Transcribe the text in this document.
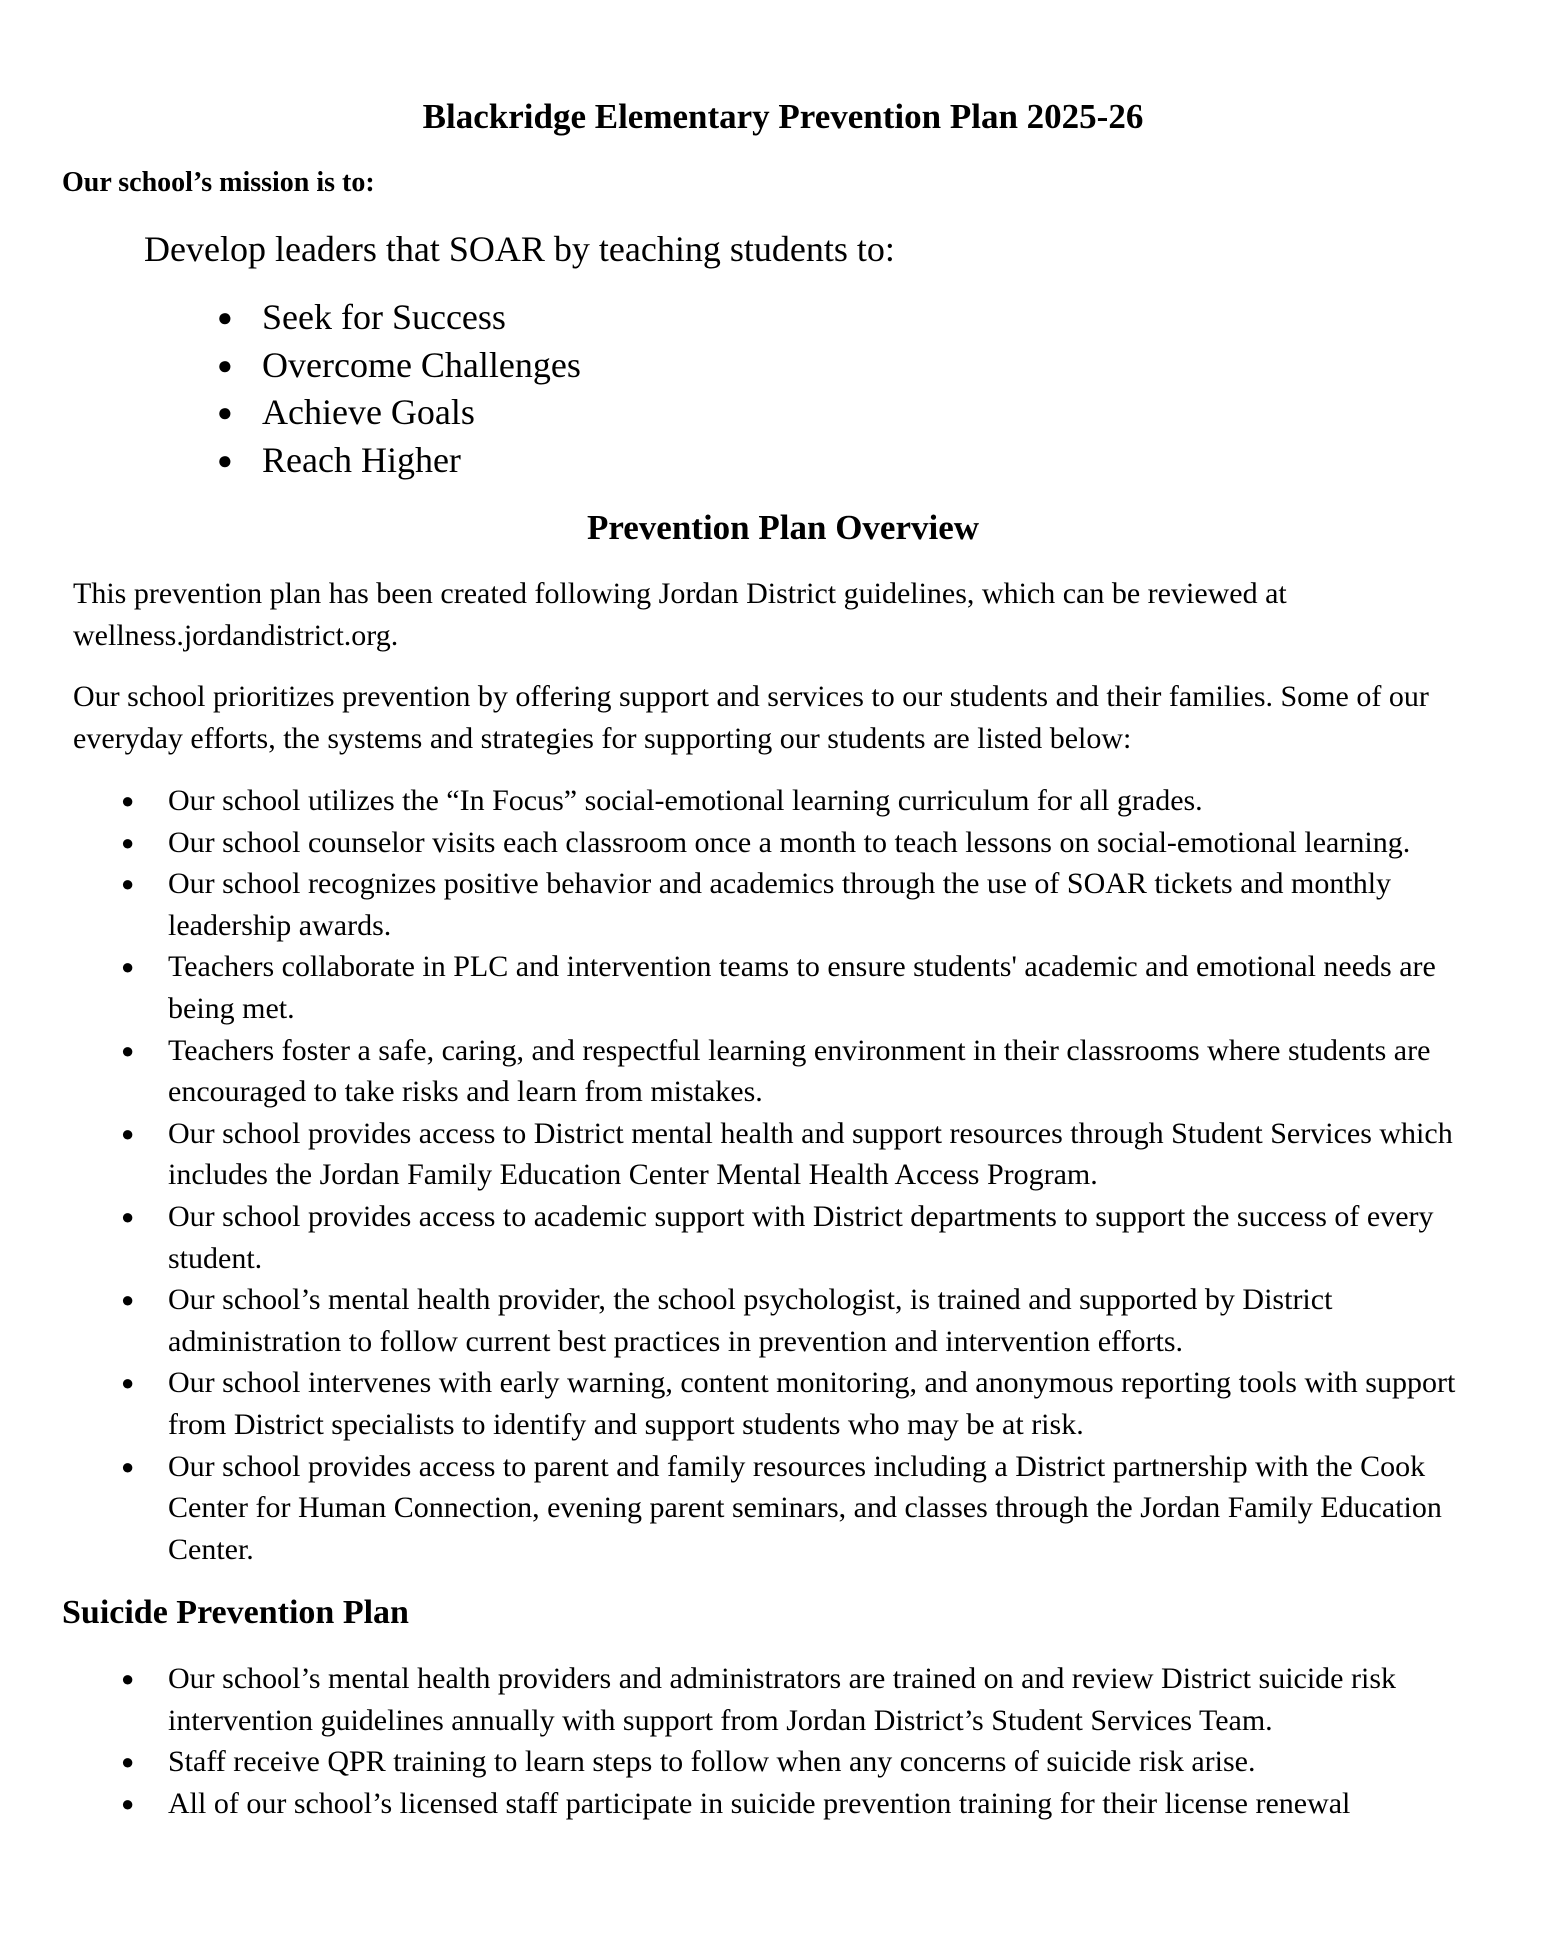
Blackridge Elementary Prevention Plan 2025-26

Our school’s mission is to:

Develop leaders that SOAR by teaching students to:

● Seek for Success
● Overcome Challenges
● Achieve Goals
● Reach Higher
Prevention Plan Overview

This prevention plan has been created following Jordan District guidelines, which can be reviewed at wellness.jordandistrict.org.

Our school prioritizes prevention by offering support and services to our students and their families. Some of our everyday efforts, the systems and strategies for supporting our students are listed below:

● Our school utilizes the “In Focus” social-emotional learning curriculum for all grades.
● Our school counselor visits each classroom once a month to teach lessons on social-emotional learning.
● Our school recognizes positive behavior and academics through the use of SOAR tickets and monthly leadership awards.
● Teachers collaborate in PLC and intervention teams to ensure students' academic and emotional needs are being met.
● Teachers foster a safe, caring, and respectful learning environment in their classrooms where students are encouraged to take risks and learn from mistakes.
● Our school provides access to District mental health and support resources through Student Services which includes the Jordan Family Education Center Mental Health Access Program.
● Our school provides access to academic support with District departments to support the success of every student.
● Our school’s mental health provider, the school psychologist, is trained and supported by District administration to follow current best practices in prevention and intervention efforts.
● Our school intervenes with early warning, content monitoring, and anonymous reporting tools with support from District specialists to identify and support students who may be at risk.
● Our school provides access to parent and family resources including a District partnership with the Cook Center for Human Connection, evening parent seminars, and classes through the Jordan Family Education Center.
Suicide Prevention Plan
● Our school’s mental health providers and administrators are trained on and review District suicide risk intervention guidelines annually with support from Jordan District’s Student Services Team.
● Staff receive QPR training to learn steps to follow when any concerns of suicide risk arise.
● All of our school’s licensed staff participate in suicide prevention training for their license renewal
